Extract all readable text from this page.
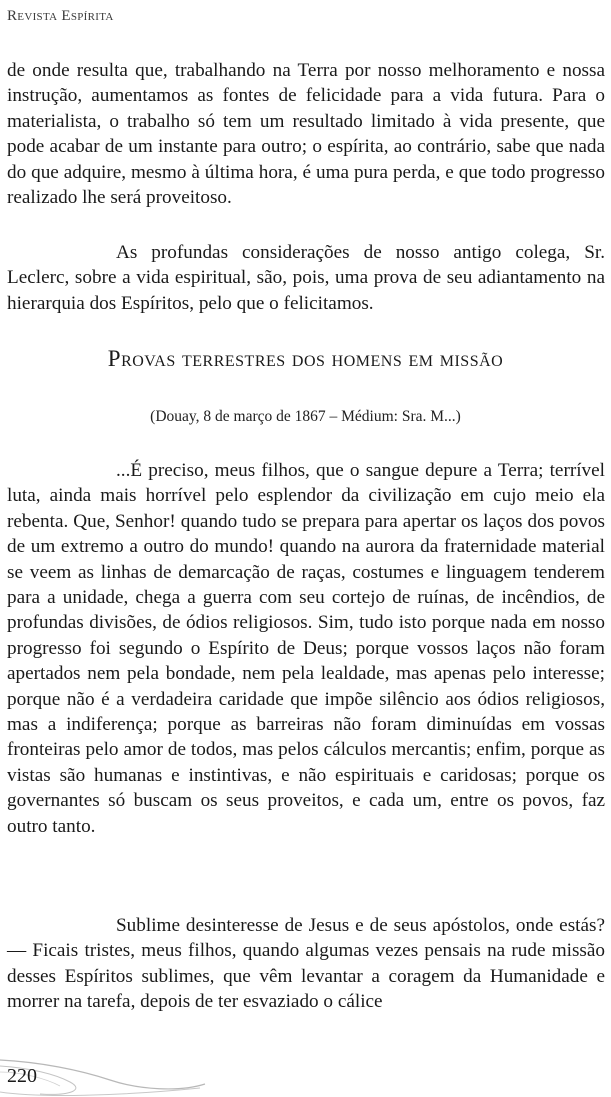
Revista Espírita

de onde resulta que, trabalhando na Terra por nosso melhoramento e nossa instrução, aumentamos as fontes de felicidade para a vida futura. Para o materialista, o trabalho só tem um resultado limitado à vida presente, que pode acabar de um instante para outro; o espírita, ao contrário, sabe que nada do que adquire, mesmo à última hora, é uma pura perda, e que todo progresso realizado lhe será proveitoso.

As profundas considerações de nosso antigo colega, Sr. Leclerc, sobre a vida espiritual, são, pois, uma prova de seu adiantamento na hierarquia dos Espíritos, pelo que o felicitamos.

Provas terrestres dos homens em missão
(Douay, 8 de março de 1867 – Médium: Sra. M...)

...É preciso, meus filhos, que o sangue depure a Terra; terrível luta, ainda mais horrível pelo esplendor da civilização em cujo meio ela rebenta. Que, Senhor! quando tudo se prepara para apertar os laços dos povos de um extremo a outro do mundo! quando na aurora da fraternidade material se veem as linhas de demarcação de raças, costumes e linguagem tenderem para a unidade, chega a guerra com seu cortejo de ruínas, de incêndios, de profundas divisões, de ódios religiosos. Sim, tudo isto porque nada em nosso progresso foi segundo o Espírito de Deus; porque vossos laços não foram apertados nem pela bondade, nem pela lealdade, mas apenas pelo interesse; porque não é a verdadeira caridade que impõe silêncio aos ódios religiosos, mas a indiferença; porque as barreiras não foram diminuídas em vossas fronteiras pelo amor de todos, mas pelos cálculos mercantis; enfim, porque as vistas são humanas e instintivas, e não espirituais e caridosas; porque os governantes só buscam os seus proveitos, e cada um, entre os povos, faz outro tanto.

Sublime desinteresse de Jesus e de seus apóstolos, onde estás? — Ficais tristes, meus filhos, quando algumas vezes pensais na rude missão desses Espíritos sublimes, que vêm levantar a coragem da Humanidade e morrer na tarefa, depois de ter esvaziado o cálice

220
